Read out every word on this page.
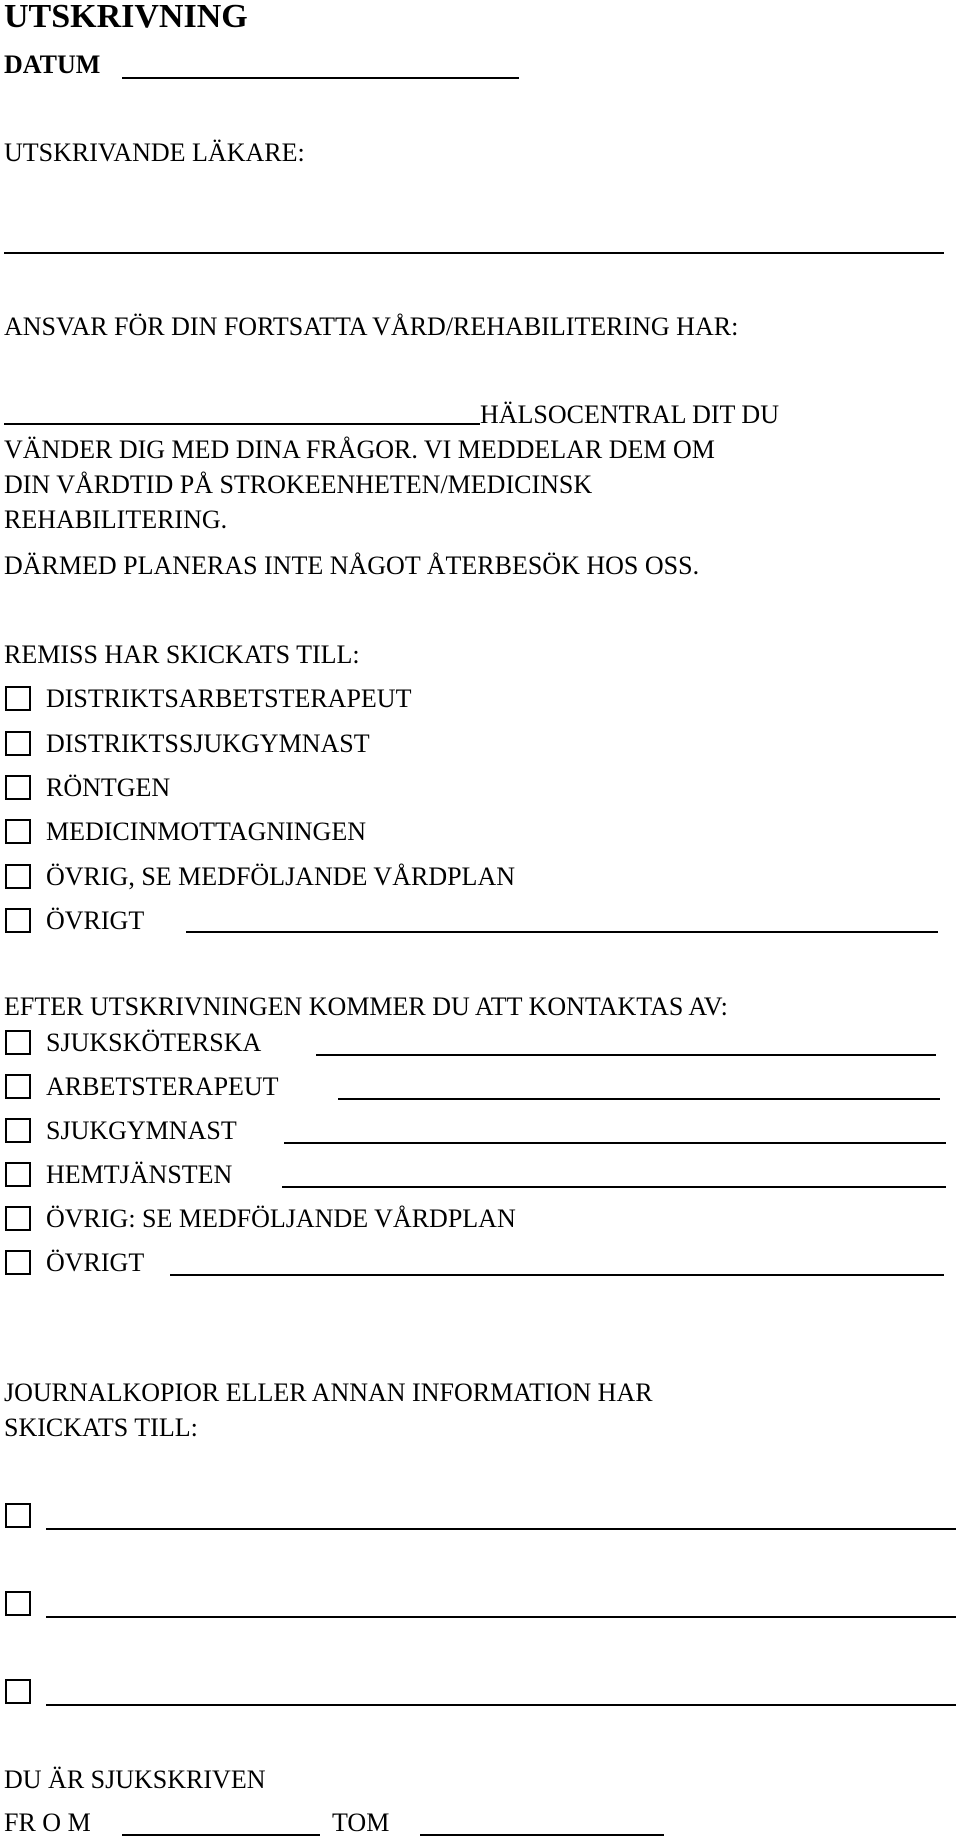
UTSKRIVNING
DATUM
UTSKRIVANDE LÄKARE:
ANSVAR FÖR DIN FORTSATTA VÅRD/REHABILITERING HAR:
HÄLSOCENTRAL DIT DU
VÄNDER DIG MED DINA FRÅGOR. VI MEDDELAR DEM OM
DIN VÅRDTID PÅ STROKEENHETEN/MEDICINSK
REHABILITERING.
DÄRMED PLANERAS INTE NÅGOT ÅTERBESÖK HOS OSS.
REMISS HAR SKICKATS TILL:
DISTRIKTSARBETSTERAPEUT
DISTRIKTSSJUKGYMNAST
RÖNTGEN
MEDICINMOTTAGNINGEN
ÖVRIG, SE MEDFÖLJANDE VÅRDPLAN
ÖVRIGT
EFTER UTSKRIVNINGEN KOMMER DU ATT KONTAKTAS AV:
SJUKSKÖTERSKA
ARBETSTERAPEUT
SJUKGYMNAST
HEMTJÄNSTEN
ÖVRIG: SE MEDFÖLJANDE VÅRDPLAN
ÖVRIGT
JOURNALKOPIOR ELLER ANNAN INFORMATION HAR
SKICKATS TILL:
DU ÄR SJUKSKRIVEN
FR O M	TOM
